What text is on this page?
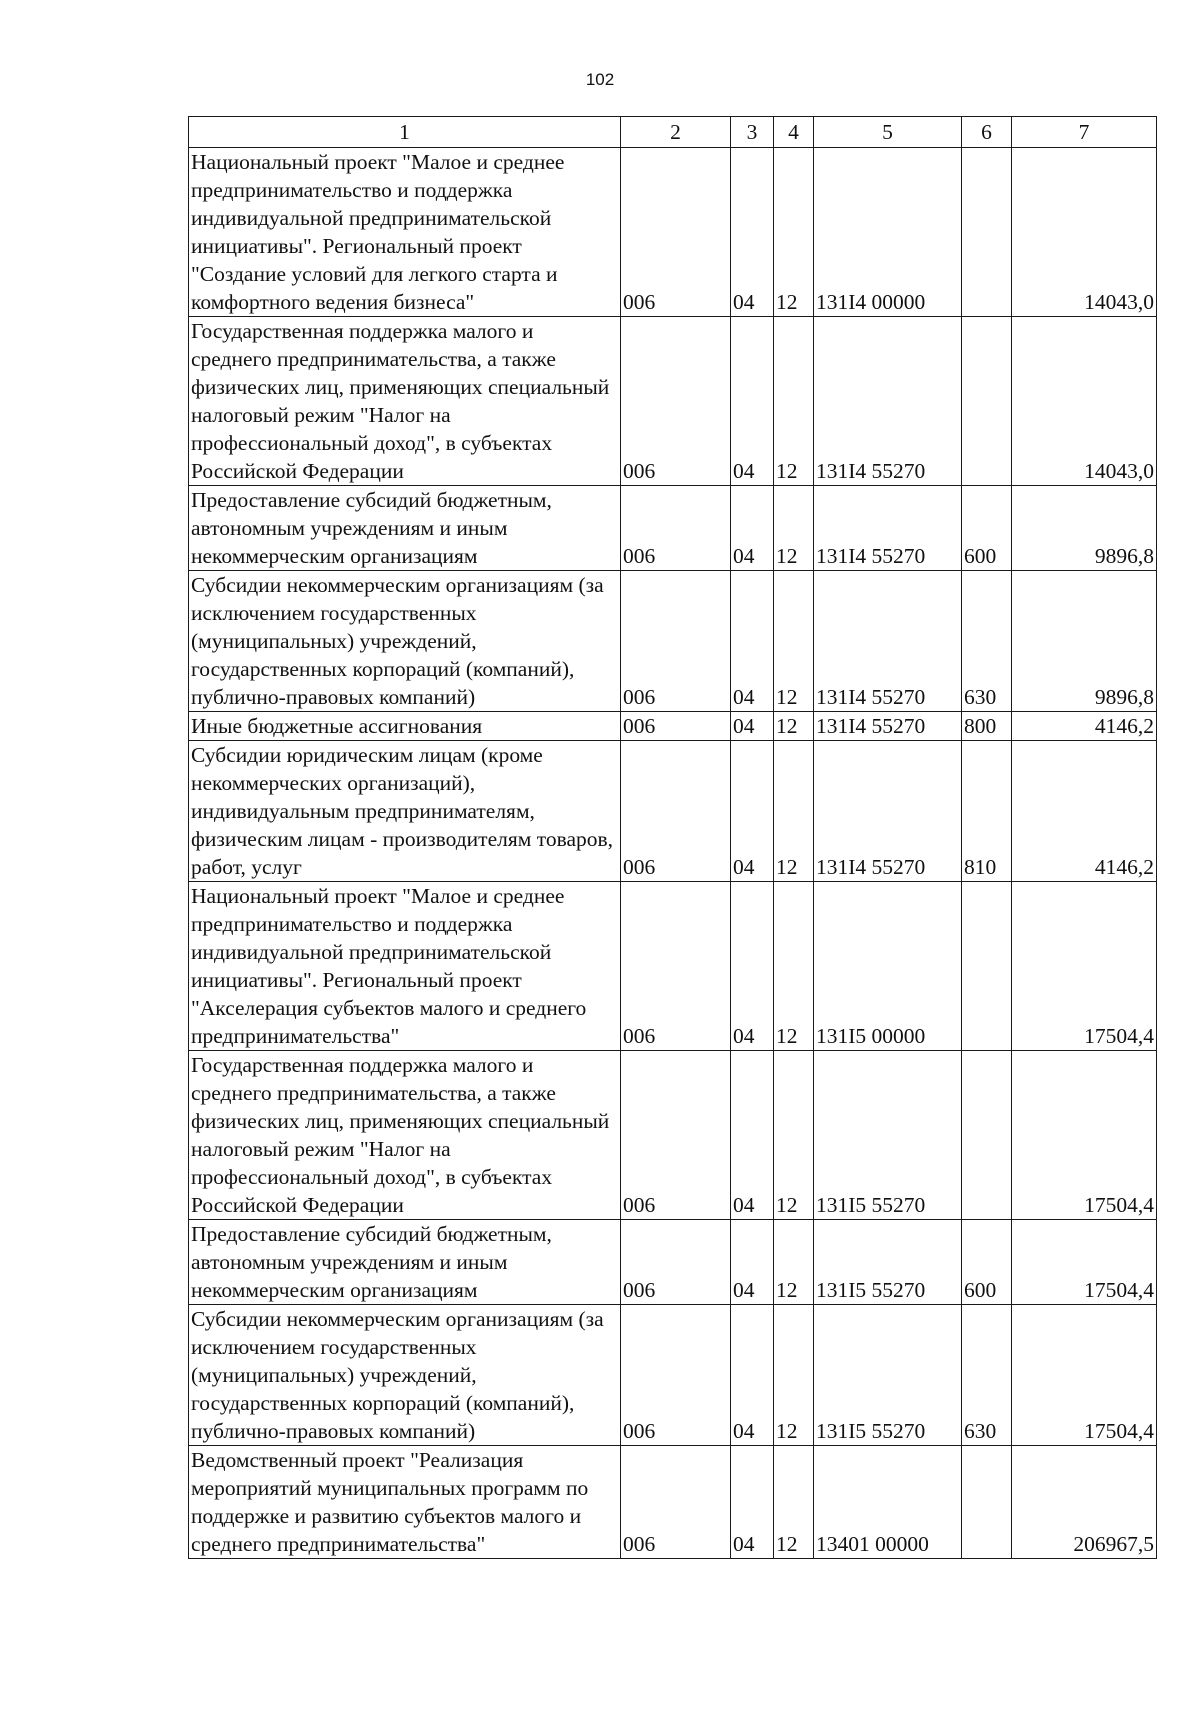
102
1	2	3	4	5	6	7
Национальный проект "Малое и среднее предпринимательство и поддержка индивидуальной предпринимательской инициативы". Региональный проект "Создание условий для легкого старта и комфортного ведения бизнеса"	006	04	12	131I4 00000		14043,0
Государственная поддержка малого и среднего предпринимательства, а также физических лиц, применяющих специальный налоговый режим "Налог на профессиональный доход", в субъектах Российской Федерации	006	04	12	131I4 55270		14043,0
Предоставление субсидий бюджетным, автономным учреждениям и иным некоммерческим организациям	006	04	12	131I4 55270	600	9896,8
Субсидии некоммерческим организациям (за исключением государственных (муниципальных) учреждений, государственных корпораций (компаний), публично-правовых компаний)	006	04	12	131I4 55270	630	9896,8
Иные бюджетные ассигнования	006	04	12	131I4 55270	800	4146,2
Субсидии юридическим лицам (кроме некоммерческих организаций), индивидуальным предпринимателям, физическим лицам - производителям товаров, работ, услуг	006	04	12	131I4 55270	810	4146,2
Национальный проект "Малое и среднее предпринимательство и поддержка индивидуальной предпринимательской инициативы". Региональный проект "Акселерация субъектов малого и среднего предпринимательства"	006	04	12	131I5 00000		17504,4
Государственная поддержка малого и среднего предпринимательства, а также физических лиц, применяющих специальный налоговый режим "Налог на профессиональный доход", в субъектах Российской Федерации	006	04	12	131I5 55270		17504,4
Предоставление субсидий бюджетным, автономным учреждениям и иным некоммерческим организациям	006	04	12	131I5 55270	600	17504,4
Субсидии некоммерческим организациям (за исключением государственных (муниципальных) учреждений, государственных корпораций (компаний), публично-правовых компаний)	006	04	12	131I5 55270	630	17504,4
Ведомственный проект "Реализация мероприятий муниципальных программ по поддержке и развитию субъектов малого и среднего предпринимательства"	006	04	12	13401 00000		206967,5
